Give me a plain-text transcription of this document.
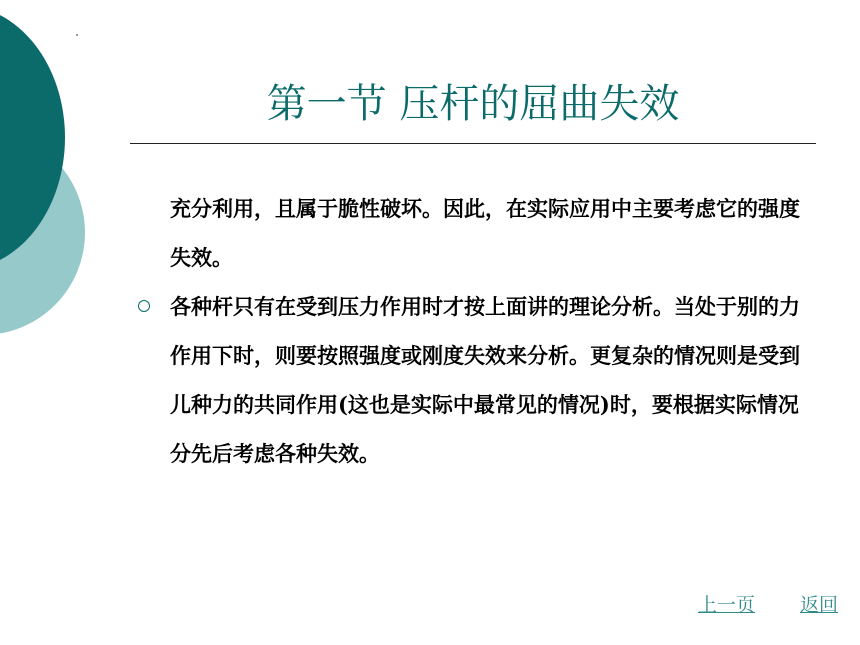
第一节 压杆的屈曲失效

充分利用，且属于脆性破坏。因此，在实际应用中主要考虑它的强度失效。

各种杆只有在受到压力作用时才按上面讲的理论分析。当处于别的力作用下时，则要按照强度或刚度失效来分析。更复杂的情况则是受到儿种力的共同作用(这也是实际中最常见的情况)时，要根据实际情况分先后考虑各种失效。
上一页 返回
